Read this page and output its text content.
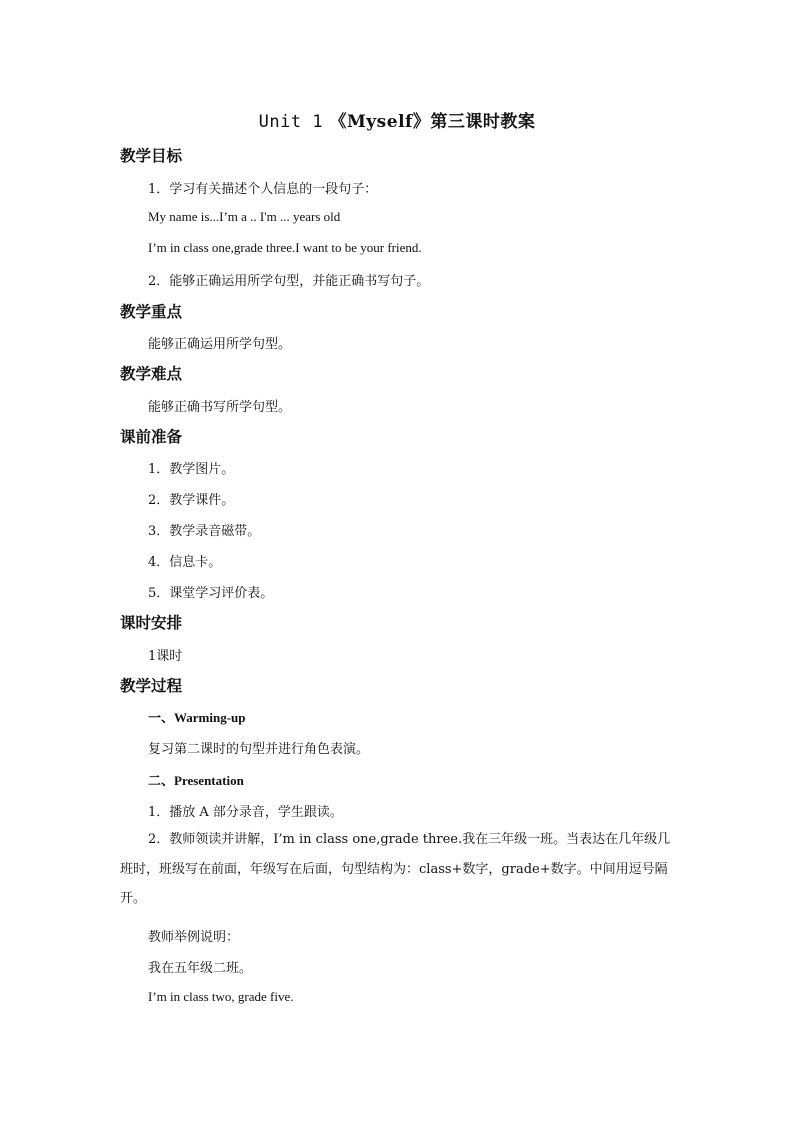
Unit 1 《Myself》第三课时教案
教学目标
1．学习有关描述个人信息的一段句子：
My name is...I’m a .. I'm ... years old
I’m in class one,grade three.I want to be your friend.
2．能够正确运用所学句型，并能正确书写句子。
教学重点
能够正确运用所学句型。
教学难点
能够正确书写所学句型。
课前准备
1．教学图片。
2．教学课件。
3．教学录音磁带。
4．信息卡。
5．课堂学习评价表。
课时安排
1课时
教学过程
一、Warming-up
复习第二课时的句型并进行角色表演。
二、Presentation
1．播放 A 部分录音，学生跟读。
2．教师领读并讲解，I’m in class one,grade three.我在三年级一班。当表达在几年级几班时，班级写在前面，年级写在后面，句型结构为：class+数字，grade+数字。中间用逗号隔开。
教师举例说明：
我在五年级二班。
I’m in class two, grade five.
